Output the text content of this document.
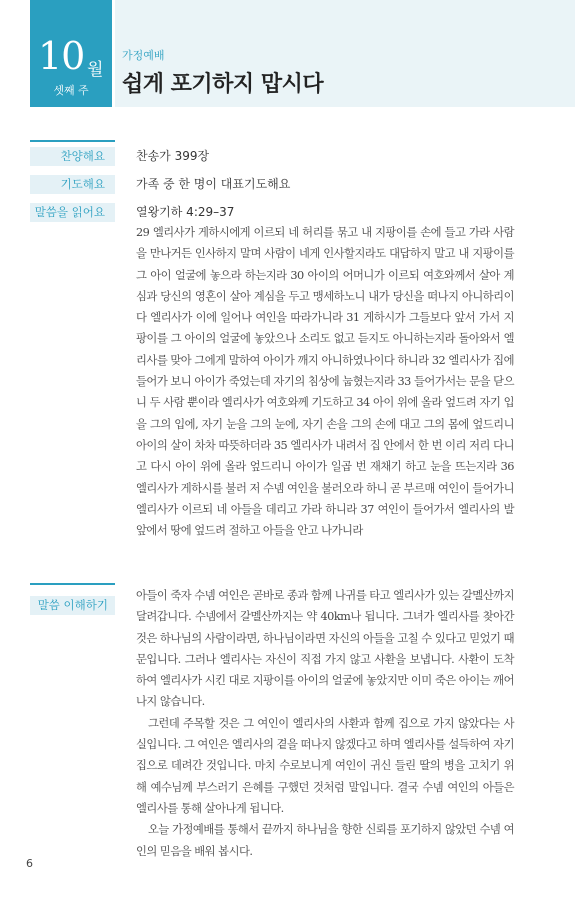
10 월
셋째 주
가정예배
쉽게 포기하지 맙시다
찬양해요	찬송가 399장
기도해요	가족 중 한 명이 대표기도해요
말씀을 읽어요	열왕기하 4:29–37
29 엘리사가 게하시에게 이르되 네 허리를 묶고 내 지팡이를 손에 들고 가라 사람을 만나거든 인사하지 말며 사람이 네게 인사할지라도 대답하지 말고 내 지팡이를 그 아이 얼굴에 놓으라 하는지라 30 아이의 어머니가 이르되 여호와께서 살아 계심과 당신의 영혼이 살아 계심을 두고 맹세하노니 내가 당신을 떠나지 아니하리이다 엘리사가 이에 일어나 여인을 따라가니라 31 게하시가 그들보다 앞서 가서 지팡이를 그 아이의 얼굴에 놓았으나 소리도 없고 듣지도 아니하는지라 돌아와서 엘리사를 맞아 그에게 말하여 아이가 깨지 아니하였나이다 하니라 32 엘리사가 집에 들어가 보니 아이가 죽었는데 자기의 침상에 눕혔는지라 33 들어가서는 문을 닫으니 두 사람 뿐이라 엘리사가 여호와께 기도하고 34 아이 위에 올라 엎드려 자기 입을 그의 입에, 자기 눈을 그의 눈에, 자기 손을 그의 손에 대고 그의 몸에 엎드리니 아이의 살이 차차 따뜻하더라 35 엘리사가 내려서 집 안에서 한 번 이리 저리 다니고 다시 아이 위에 올라 엎드리니 아이가 일곱 번 재채기 하고 눈을 뜨는지라 36 엘리사가 게하시를 불러 저 수넴 여인을 불러오라 하니 곧 부르매 여인이 들어가니 엘리사가 이르되 네 아들을 데리고 가라 하니라 37 여인이 들어가서 엘리사의 발 앞에서 땅에 엎드려 절하고 아들을 안고 나가니라
말씀 이해하기

아들이 죽자 수넴 여인은 곧바로 종과 함께 나귀를 타고 엘리사가 있는 갈멜산까지 달려갑니다. 수넴에서 갈멜산까지는 약 40km나 됩니다. 그녀가 엘리사를 찾아간 것은 하나님의 사람이라면, 하나님이라면 자신의 아들을 고칠 수 있다고 믿었기 때문입니다. 그러나 엘리사는 자신이 직접 가지 않고 사환을 보냅니다. 사환이 도착하여 엘리사가 시킨 대로 지팡이를 아이의 얼굴에 놓았지만 이미 죽은 아이는 깨어나지 않습니다.

그런데 주목할 것은 그 여인이 엘리사의 사환과 함께 집으로 가지 않았다는 사실입니다. 그 여인은 엘리사의 곁을 떠나지 않겠다고 하며 엘리사를 설득하여 자기 집으로 데려간 것입니다. 마치 수로보니게 여인이 귀신 들린 딸의 병을 고치기 위해 예수님께 부스러기 은혜를 구했던 것처럼 말입니다. 결국 수넴 여인의 아들은 엘리사를 통해 살아나게 됩니다.

오늘 가정예배를 통해서 끝까지 하나님을 향한 신뢰를 포기하지 않았던 수넴 여인의 믿음을 배워 봅시다.

6
